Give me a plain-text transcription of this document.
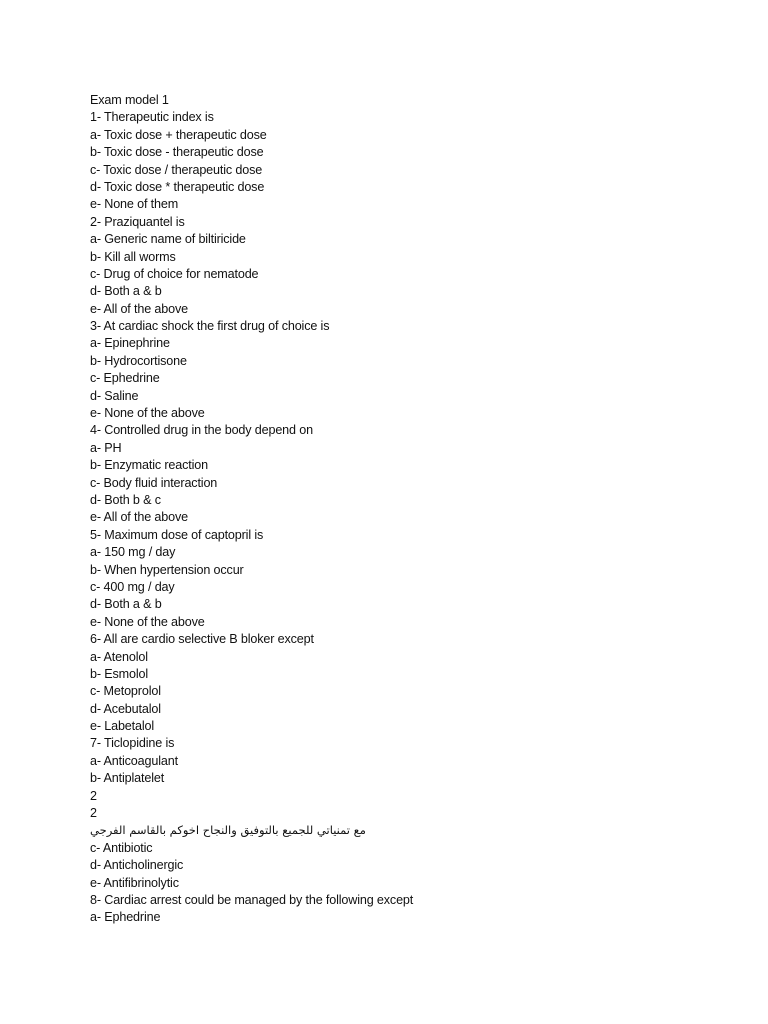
Exam model 1
1- Therapeutic index is
a- Toxic dose + therapeutic dose
b- Toxic dose - therapeutic dose
c- Toxic dose / therapeutic dose
d- Toxic dose * therapeutic dose
e- None of them
2- Praziquantel is
a- Generic name of biltiricide
b- Kill all worms
c- Drug of choice for nematode
d- Both a & b
e- All of the above
3- At cardiac shock the first drug of choice is
a- Epinephrine
b- Hydrocortisone
c- Ephedrine
d- Saline
e- None of the above
4- Controlled drug in the body depend on
a- PH
b- Enzymatic reaction
c- Body fluid interaction
d- Both b & c
e- All of the above
5- Maximum dose of captopril is
a- 150 mg / day
b- When hypertension occur
c- 400 mg / day
d- Both a & b
e- None of the above
6- All are cardio selective B bloker except
a- Atenolol
b- Esmolol
c- Metoprolol
d- Acebutalol
e- Labetalol
7- Ticlopidine is
a- Anticoagulant
b- Antiplatelet
2
2
مع تمنياتي للجميع بالتوفيق والنجاح اخوكم بالقاسم الفرجي
c- Antibiotic
d- Anticholinergic
e- Antifibrinolytic
8- Cardiac arrest could be managed by the following except
a- Ephedrine
